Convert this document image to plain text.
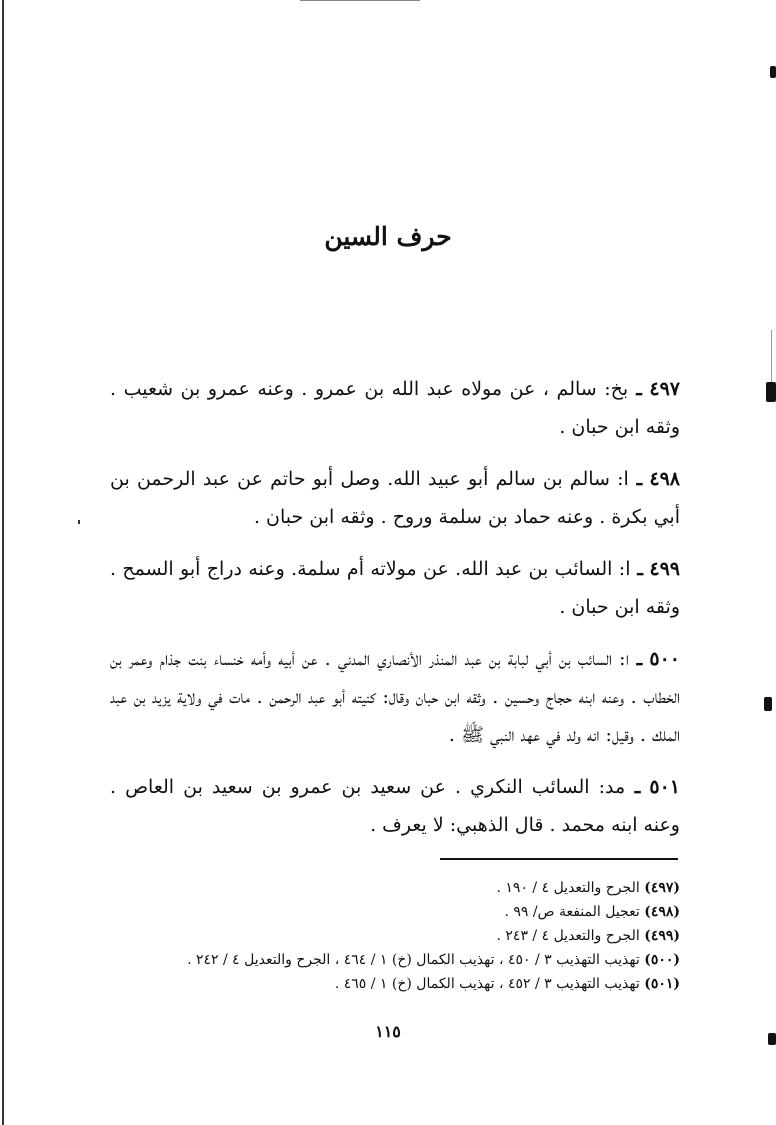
حرف السين

٤٩٧ ـ بخ: سالم ، عن مولاه عبد الله بن عمرو . وعنه عمرو بن شعيب . وثقه ابن حبان .

٤٩٨ ـ ا: سالم بن سالم أبو عبيد الله. وصل أبو حاتم عن عبد الرحمن بن أبي بكرة . وعنه حماد بن سلمة وروح . وثقه ابن حبان .

٤٩٩ ـ ا: السائب بن عبد الله. عن مولاته أم سلمة. وعنه دراج أبو السمح . وثقه ابن حبان .

٥٠٠ ـ ا: السائب بن أبي لبابة بن عبد المنذر الأنصاري المدني . عن أبيه وأمه خنساء بنت جذام وعمر بن الخطاب . وعنه ابنه حجاج وحسين . وثقه ابن حبان وقال: كنيته أبو عبد الرحمن . مات في ولاية يزيد بن عبد الملك . وقيل: انه ولد في عهد النبي ﷺ .

٥٠١ ـ مد: السائب النكري . عن سعيد بن عمرو بن سعيد بن العاص . وعنه ابنه محمد . قال الذهبي: لا يعرف .

(٤٩٧) الجرح والتعديل ٤ / ١٩٠ .
(٤٩٨) تعجيل المنفعة ص/ ٩٩ .
(٤٩٩) الجرح والتعديل ٤ / ٢٤٣ .
(٥٠٠) تهذيب التهذيب ٣ / ٤٥٠ ، تهذيب الكمال (خ) ١ / ٤٦٤ ، الجرح والتعديل ٤ / ٢٤٢ .
(٥٠١) تهذيب التهذيب ٣ / ٤٥٢ ، تهذيب الكمال (خ) ١ / ٤٦٥ .
١١٥
